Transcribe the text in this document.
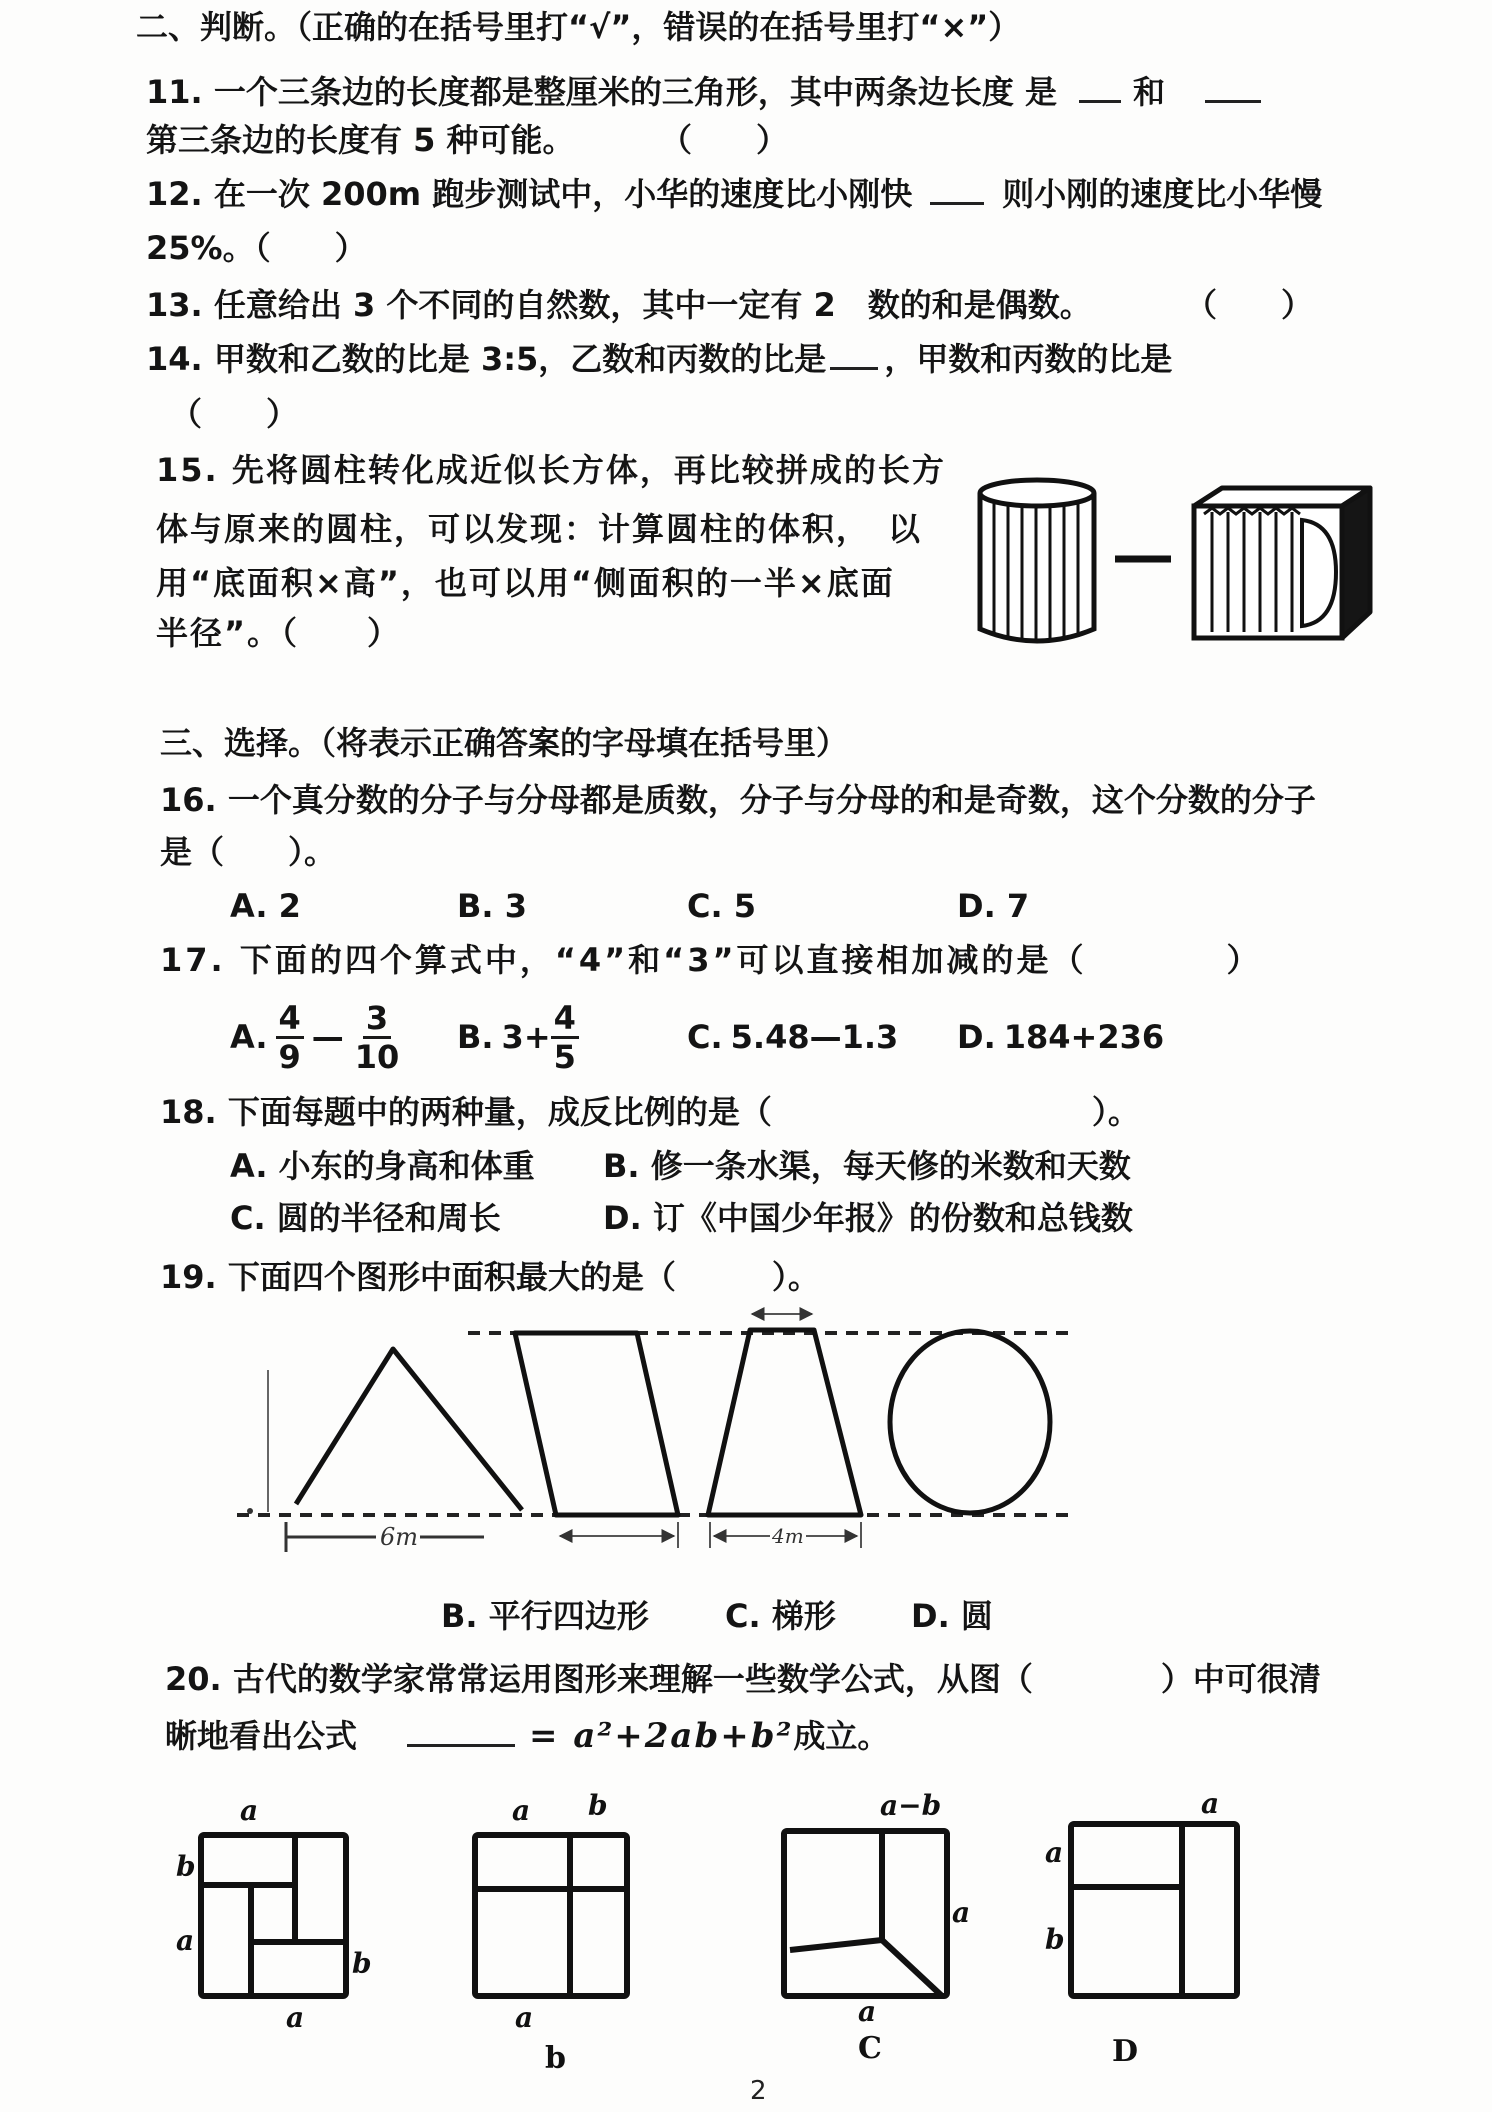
二、判断。（正确的在括号里打“√”，错误的在括号里打“×”）
11. 一个三条边的长度都是整厘米的三角形，其中两条边长度 是 和
第三条边的长度有 5 种可能。	（　　）
12. 在一次 200m 跑步测试中，小华的速度比小刚快	则小刚的速度比小华慢
25%。（　　）
13. 任意给出 3 个不同的自然数，其中一定有 2　数的和是偶数。	（　　）
14. 甲数和乙数的比是 3:5，乙数和丙数的比是 ，甲数和丙数的比是
（　　）
15. 先将圆柱转化成近似长方体，再比较拼成的长方
体与原来的圆柱，可以发现：计算圆柱的体积，　以
用“底面积×高”，也可以用“侧面积的一半×底面
半径”。（　　）
三、选择。（将表示正确答案的字母填在括号里）
16. 一个真分数的分子与分母都是质数，分子与分母的和是奇数，这个分数的分子
是（　　）。
A. 2	B. 3	C. 5	D. 7
17. 下面的四个算式中，“4”和“3”可以直接相加减的是（　　　　）
A. $\frac{4}{9}$ — $\frac{3}{10} B$. $3+ \frac{4}{5}$	C. 5.48—1.3 D. 184+236
18. 下面每题中的两种量，成反比例的是（　　　　　　　　　　）。
A. 小东的身高和体重 B. 修一条水渠，每天修的米数和天数
C. 圆的半径和周长	D. 订《中国少年报》的份数和总钱数
19. 下面四个图形中面积最大的是（　　　）。
6m	4m
B. 平行四边形 C. 梯形 D. 圆
20. 古代的数学家常常运用图形来理解一些数学公式，从图（　　　　）中可很清
晰地看出公式	= a²+2ab+b²成立。
a
b
a
b
a
a b
a
b
a−b
a
a
C
a
a
b
D
2
